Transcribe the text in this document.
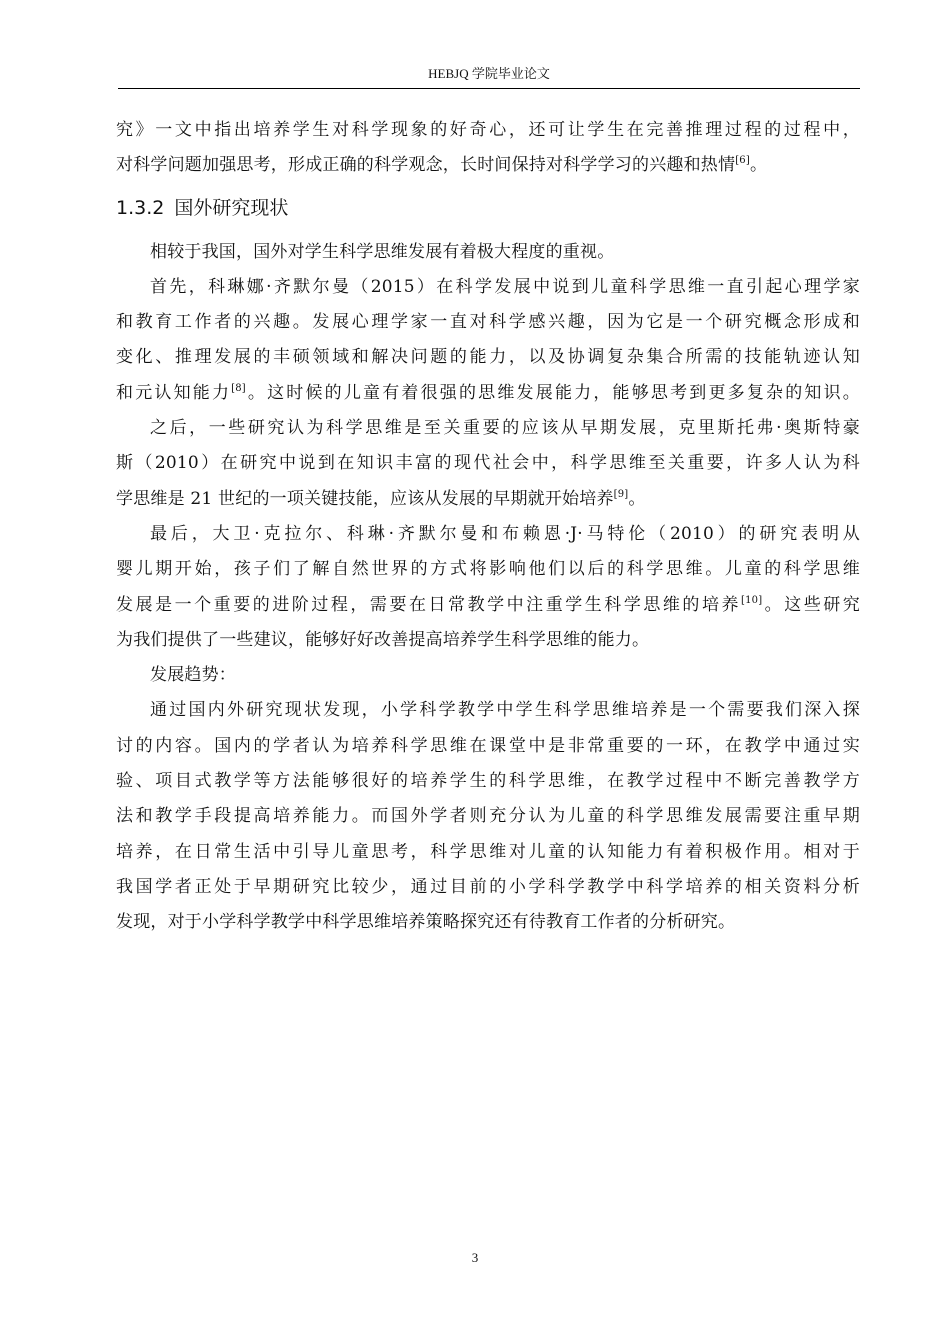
HEBJQ 学院毕业论文

究》一文中指出培养学生对科学现象的好奇心，还可让学生在完善推理过程的过程中，
对科学问题加强思考，形成正确的科学观念，长时间保持对科学学习的兴趣和热情[6]。

1.3.2 国外研究现状

相较于我国，国外对学生科学思维发展有着极大程度的重视。

首先，科琳娜·齐默尔曼（2015）在科学发展中说到儿童科学思维一直引起心理学家
和教育工作者的兴趣。发展心理学家一直对科学感兴趣，因为它是一个研究概念形成和
变化、推理发展的丰硕领域和解决问题的能力，以及协调复杂集合所需的技能轨迹认知
和元认知能力[8]。这时候的儿童有着很强的思维发展能力，能够思考到更多复杂的知识。

之后，一些研究认为科学思维是至关重要的应该从早期发展，克里斯托弗·奥斯特豪
斯（2010）在研究中说到在知识丰富的现代社会中，科学思维至关重要，许多人认为科
学思维是 21 世纪的一项关键技能，应该从发展的早期就开始培养[9]。

最后，大卫·克拉尔、科琳·齐默尔曼和布赖恩·J·马特伦（2010）的研究表明从
婴儿期开始，孩子们了解自然世界的方式将影响他们以后的科学思维。儿童的科学思维
发展是一个重要的进阶过程，需要在日常教学中注重学生科学思维的培养[10]。这些研究
为我们提供了一些建议，能够好好改善提高培养学生科学思维的能力。

发展趋势：

通过国内外研究现状发现，小学科学教学中学生科学思维培养是一个需要我们深入探
讨的内容。国内的学者认为培养科学思维在课堂中是非常重要的一环，在教学中通过实
验、项目式教学等方法能够很好的培养学生的科学思维，在教学过程中不断完善教学方
法和教学手段提高培养能力。而国外学者则充分认为儿童的科学思维发展需要注重早期
培养，在日常生活中引导儿童思考，科学思维对儿童的认知能力有着积极作用。相对于
我国学者正处于早期研究比较少，通过目前的小学科学教学中科学培养的相关资料分析
发现，对于小学科学教学中科学思维培养策略探究还有待教育工作者的分析研究。

3
